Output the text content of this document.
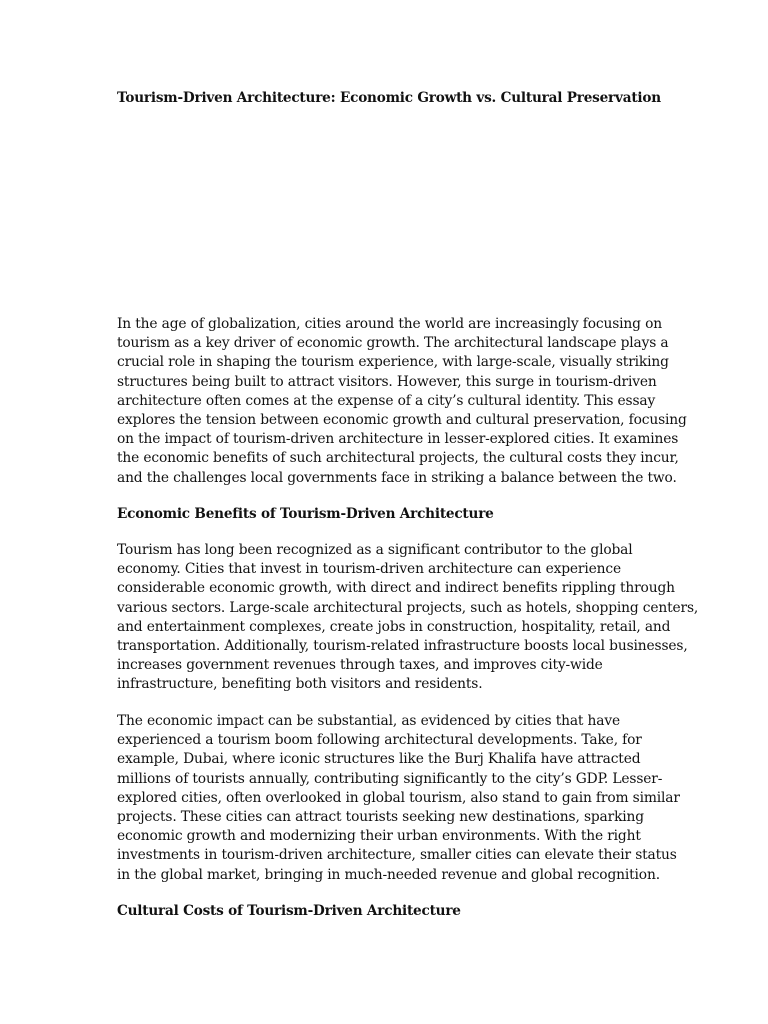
Tourism-Driven Architecture: Economic Growth vs. Cultural Preservation

In the age of globalization, cities around the world are increasingly focusing on
tourism as a key driver of economic growth. The architectural landscape plays a
crucial role in shaping the tourism experience, with large-scale, visually striking
structures being built to attract visitors. However, this surge in tourism-driven
architecture often comes at the expense of a city’s cultural identity. This essay
explores the tension between economic growth and cultural preservation, focusing
on the impact of tourism-driven architecture in lesser-explored cities. It examines
the economic benefits of such architectural projects, the cultural costs they incur,
and the challenges local governments face in striking a balance between the two.

Economic Benefits of Tourism-Driven Architecture

Tourism has long been recognized as a significant contributor to the global
economy. Cities that invest in tourism-driven architecture can experience
considerable economic growth, with direct and indirect benefits rippling through
various sectors. Large-scale architectural projects, such as hotels, shopping centers,
and entertainment complexes, create jobs in construction, hospitality, retail, and
transportation. Additionally, tourism-related infrastructure boosts local businesses,
increases government revenues through taxes, and improves city-wide
infrastructure, benefiting both visitors and residents.

The economic impact can be substantial, as evidenced by cities that have
experienced a tourism boom following architectural developments. Take, for
example, Dubai, where iconic structures like the Burj Khalifa have attracted
millions of tourists annually, contributing significantly to the city’s GDP. Lesser-
explored cities, often overlooked in global tourism, also stand to gain from similar
projects. These cities can attract tourists seeking new destinations, sparking
economic growth and modernizing their urban environments. With the right
investments in tourism-driven architecture, smaller cities can elevate their status
in the global market, bringing in much-needed revenue and global recognition.

Cultural Costs of Tourism-Driven Architecture
